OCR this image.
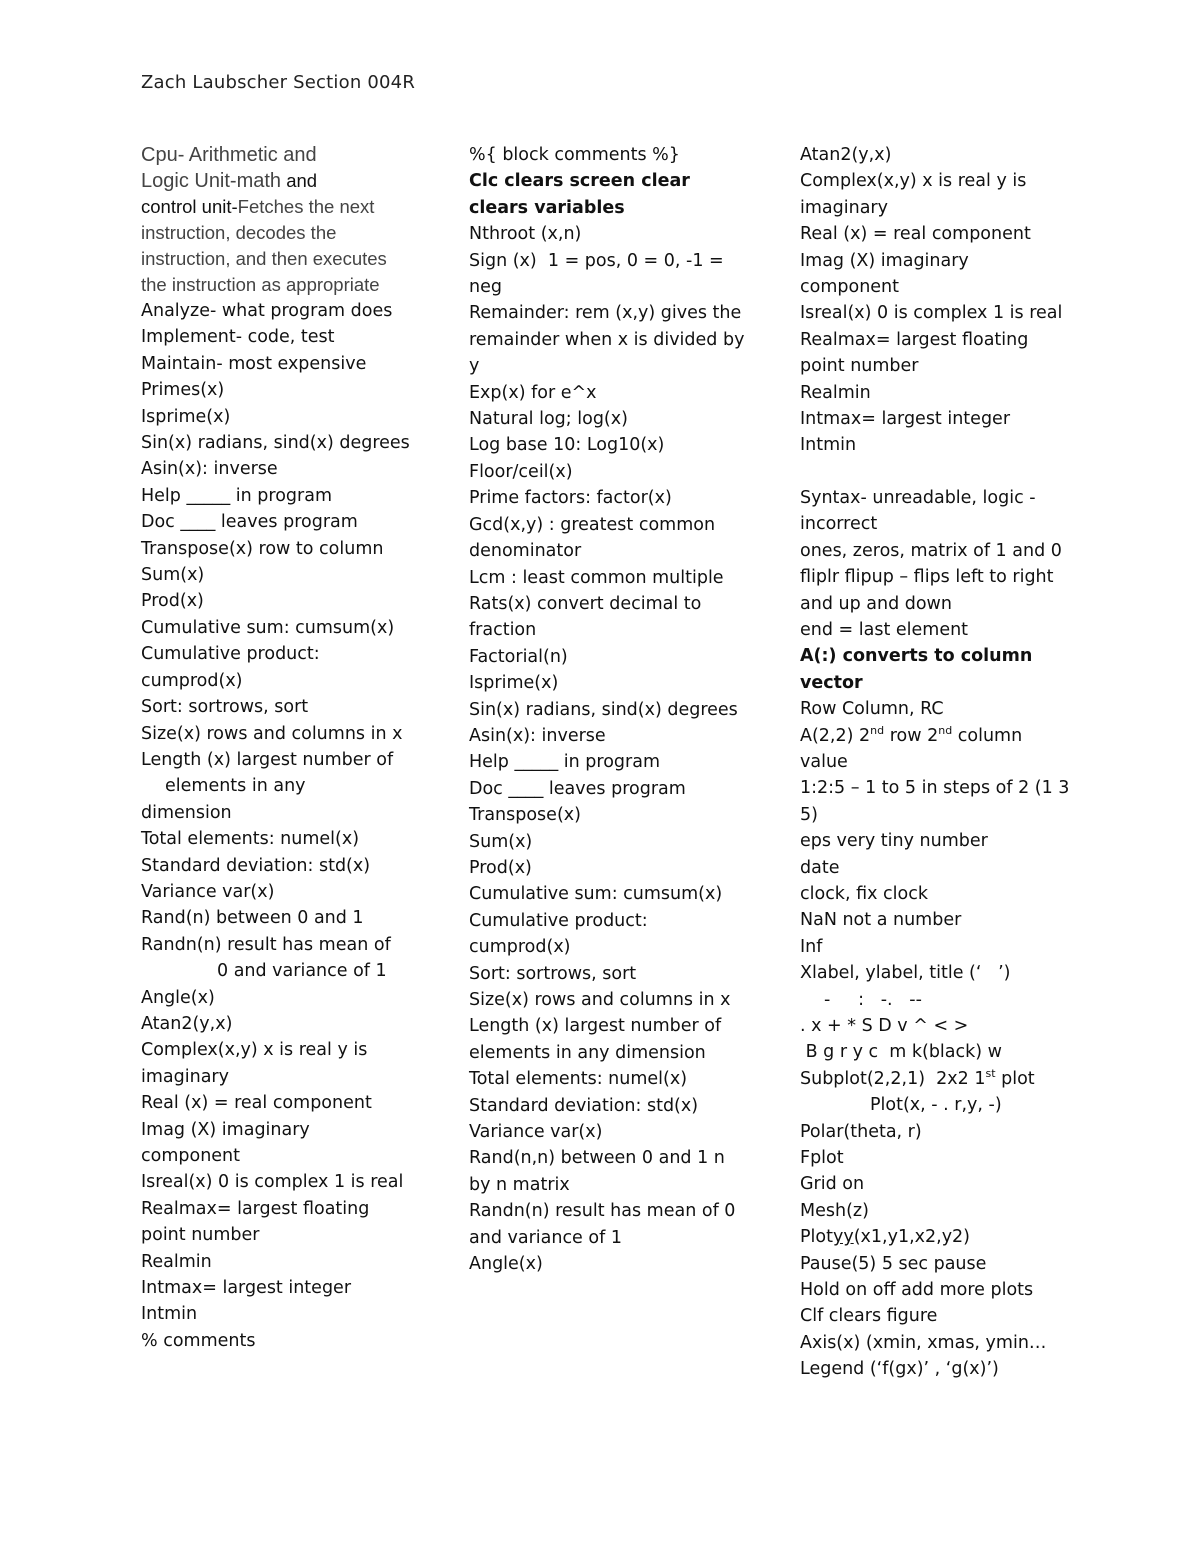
Zach Laubscher Section 004R
Cpu- Arithmetic and
Logic Unit-math and
control unit-Fetches the next instruction, decodes the instruction, and then executes the instruction as appropriate
Analyze- what program does
Implement- code, test
Maintain- most expensive
Primes(x)
Isprime(x)
Sin(x) radians, sind(x) degrees
Asin(x): inverse
Help _____ in program
Doc ____ leaves program
Transpose(x) row to column
Sum(x)
Prod(x)
Cumulative sum: cumsum(x)
Cumulative product: cumprod(x)
Sort: sortrows, sort
Size(x) rows and columns in x
Length (x) largest number of
elements in any
dimension
Total elements: numel(x)
Standard deviation: std(x)
Variance var(x)
Rand(n) between 0 and 1
Randn(n) result has mean of
0 and variance of 1
Angle(x)
Atan2(y,x)
Complex(x,y) x is real y is imaginary
Real (x) = real component
Imag (X) imaginary component
Isreal(x) 0 is complex 1 is real
Realmax= largest floating point number
Realmin
Intmax= largest integer
Intmin
% comments
%{ block comments %}
Clc clears screen clear clears variables
Nthroot (x,n)
Sign (x)  1 = pos, 0 = 0, -1 = neg
Remainder: rem (x,y) gives the remainder when x is divided by y
Exp(x) for e^x
Natural log; log(x)
Log base 10: Log10(x)
Floor/ceil(x)
Prime factors: factor(x)
Gcd(x,y) : greatest common denominator
Lcm : least common multiple
Rats(x) convert decimal to fraction
Factorial(n)
Isprime(x)
Sin(x) radians, sind(x) degrees
Asin(x): inverse
Help _____ in program
Doc ____ leaves program
Transpose(x)
Sum(x)
Prod(x)
Cumulative sum: cumsum(x)
Cumulative product: cumprod(x)
Sort: sortrows, sort
Size(x) rows and columns in x
Length (x) largest number of elements in any dimension
Total elements: numel(x)
Standard deviation: std(x)
Variance var(x)
Rand(n,n) between 0 and 1 n by n matrix
Randn(n) result has mean of 0 and variance of 1
Angle(x)
Atan2(y,x)
Complex(x,y) x is real y is imaginary
Real (x) = real component
Imag (X) imaginary component
Isreal(x) 0 is complex 1 is real
Realmax= largest floating point number
Realmin
Intmax= largest integer
Intmin
Syntax- unreadable, logic - incorrect
ones, zeros, matrix of 1 and 0
fliplr flipup – flips left to right and up and down
end = last element
A(:) converts to column vector
Row Column, RC
A(2,2) 2nd row 2nd column value
1:2:5 – 1 to 5 in steps of 2 (1 3 5)
eps very tiny number
date
clock, fix clock
NaN not a number
Inf
Xlabel, ylabel, title (‘   ’)
-     :   -.   --
. x + * S D v ^ < >
B g r y c  m k(black) w
Subplot(2,2,1)  2x2 1st plot
Plot(x, - . r,y, -)
Polar(theta, r)
Fplot
Grid on
Mesh(z)
Plotyy(x1,y1,x2,y2)
Pause(5) 5 sec pause
Hold on off add more plots
Clf clears figure
Axis(x) (xmin, xmas, ymin…
Legend (‘f(gx)’ , ‘g(x)’)
